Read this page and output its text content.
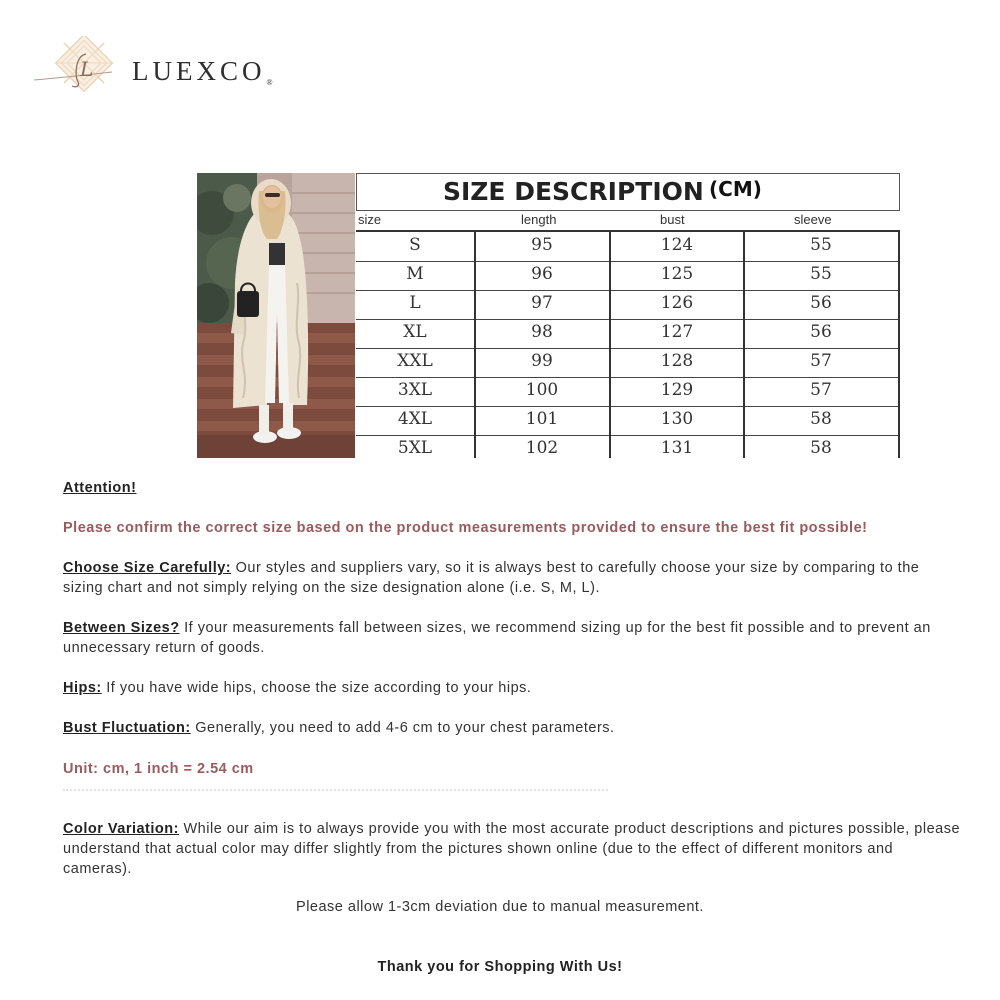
L LUEXCO®
SIZE DESCRIPTION (CM)
size	length	bust	sleeve
S	95	124	55
M	96	125	55
L	97	126	56
XL	98	127	56
XXL	99	128	57
3XL	100	129	57
4XL	101	130	58
5XL	102	131	58
Attention!
Please confirm the correct size based on the product measurements provided to ensure the best fit possible!
Choose Size Carefully: Our styles and suppliers vary, so it is always best to carefully choose your size by comparing to the sizing chart and not simply relying on the size designation alone (i.e. S, M, L).
Between Sizes? If your measurements fall between sizes, we recommend sizing up for the best fit possible and to prevent an unnecessary return of goods.
Hips: If you have wide hips, choose the size according to your hips.
Bust Fluctuation: Generally, you need to add 4-6 cm to your chest parameters.
Unit: cm, 1 inch = 2.54 cm
Color Variation: While our aim is to always provide you with the most accurate product descriptions and pictures possible, please understand that actual color may differ slightly from the pictures shown online (due to the effect of different monitors and cameras).
Please allow 1-3cm deviation due to manual measurement.
Thank you for Shopping With Us!
